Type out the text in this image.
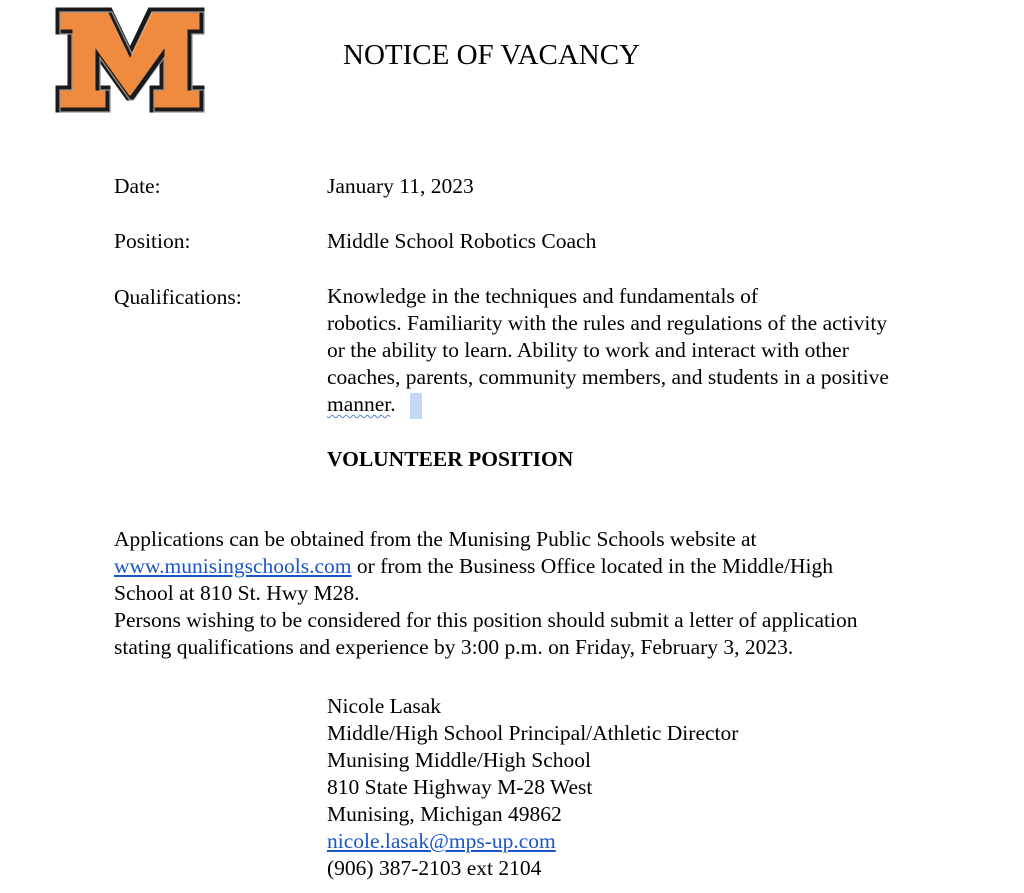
NOTICE OF VACANCY
Date:	January 11, 2023
Position:	Middle School Robotics Coach
Qualifications:	Knowledge in the techniques and fundamentals of
robotics. Familiarity with the rules and regulations of the activity
or the ability to learn. Ability to work and interact with other
coaches, parents, community members, and students in a positive
manner.
VOLUNTEER POSITION
Applications can be obtained from the Munising Public Schools website at
www.munisingschools.com or from the Business Office located in the Middle/High
School at 810 St. Hwy M28.
Persons wishing to be considered for this position should submit a letter of application
stating qualifications and experience by 3:00 p.m. on Friday, February 3, 2023.
Nicole Lasak
Middle/High School Principal/Athletic Director
Munising Middle/High School
810 State Highway M-28 West
Munising, Michigan 49862
nicole.lasak@mps-up.com
(906) 387-2103 ext 2104
